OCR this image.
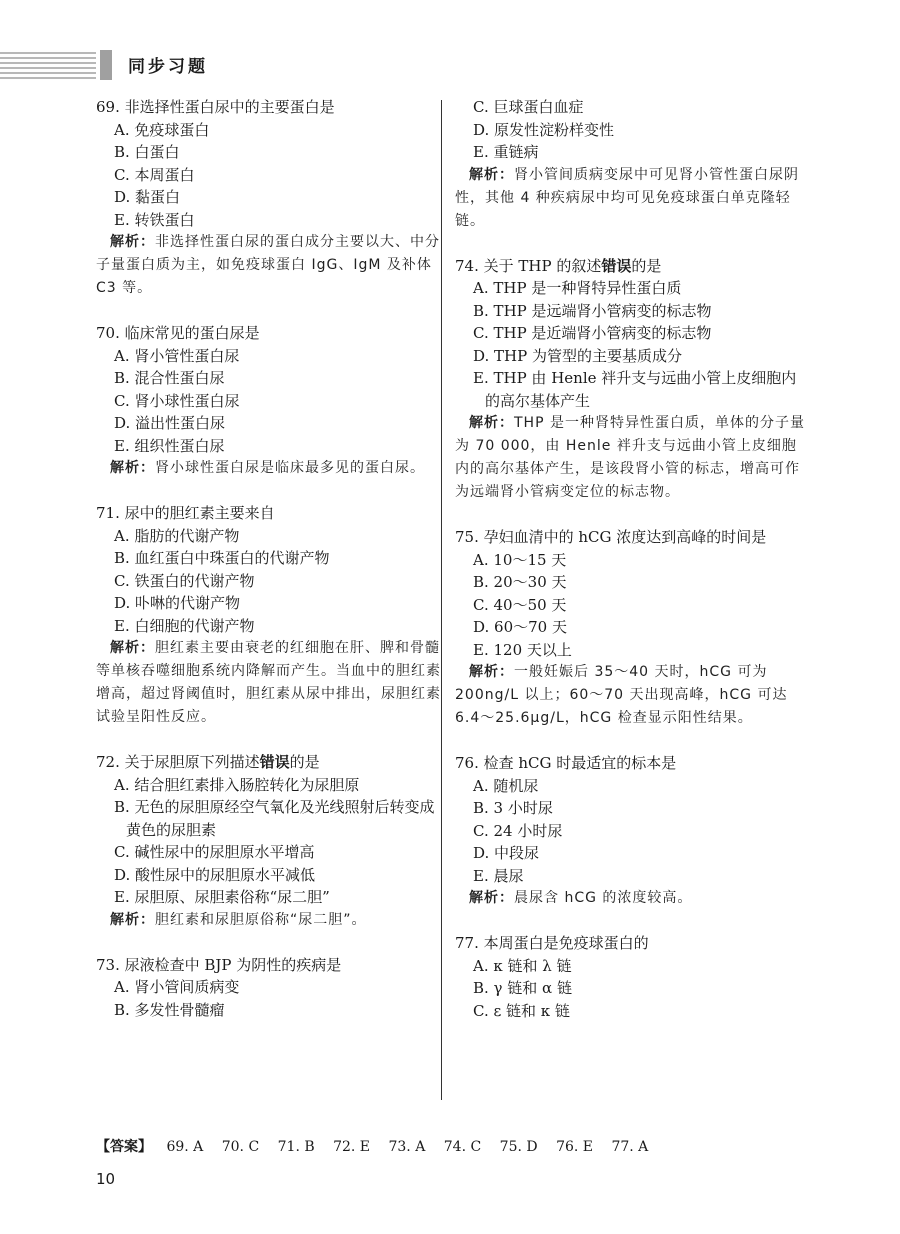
同步习题
69. 非选择性蛋白尿中的主要蛋白是
A. 免疫球蛋白
B. 白蛋白
C. 本周蛋白
D. 黏蛋白
E. 转铁蛋白
解析：非选择性蛋白尿的蛋白成分主要以大、中分子量蛋白质为主，如免疫球蛋白 IgG、IgM 及补体 C3 等。
70. 临床常见的蛋白尿是
A. 肾小管性蛋白尿
B. 混合性蛋白尿
C. 肾小球性蛋白尿
D. 溢出性蛋白尿
E. 组织性蛋白尿
解析：肾小球性蛋白尿是临床最多见的蛋白尿。
71. 尿中的胆红素主要来自
A. 脂肪的代谢产物
B. 血红蛋白中珠蛋白的代谢产物
C. 铁蛋白的代谢产物
D. 卟啉的代谢产物
E. 白细胞的代谢产物
解析：胆红素主要由衰老的红细胞在肝、脾和骨髓等单核吞噬细胞系统内降解而产生。当血中的胆红素增高，超过肾阈值时，胆红素从尿中排出，尿胆红素试验呈阳性反应。
72. 关于尿胆原下列描述错误的是
A. 结合胆红素排入肠腔转化为尿胆原
B. 无色的尿胆原经空气氧化及光线照射后转变成黄色的尿胆素
C. 碱性尿中的尿胆原水平增高
D. 酸性尿中的尿胆原水平减低
E. 尿胆原、尿胆素俗称“尿二胆”
解析：胆红素和尿胆原俗称“尿二胆”。
73. 尿液检查中 BJP 为阴性的疾病是
A. 肾小管间质病变
B. 多发性骨髓瘤
C. 巨球蛋白血症
D. 原发性淀粉样变性
E. 重链病
解析：肾小管间质病变尿中可见肾小管性蛋白尿阴性，其他 4 种疾病尿中均可见免疫球蛋白单克隆轻链。
74. 关于 THP 的叙述错误的是
A. THP 是一种肾特异性蛋白质
B. THP 是远端肾小管病变的标志物
C. THP 是近端肾小管病变的标志物
D. THP 为管型的主要基质成分
E. THP 由 Henle 袢升支与远曲小管上皮细胞内的高尔基体产生
解析：THP 是一种肾特异性蛋白质，单体的分子量为 70 000，由 Henle 袢升支与远曲小管上皮细胞内的高尔基体产生，是该段肾小管的标志，增高可作为远端肾小管病变定位的标志物。
75. 孕妇血清中的 hCG 浓度达到高峰的时间是
A. 10～15 天
B. 20～30 天
C. 40～50 天
D. 60～70 天
E. 120 天以上
解析：一般妊娠后 35～40 天时，hCG 可为 200ng/L 以上；60～70 天出现高峰，hCG 可达 6.4～25.6μg/L，hCG 检查显示阳性结果。
76. 检查 hCG 时最适宜的标本是
A. 随机尿
B. 3 小时尿
C. 24 小时尿
D. 中段尿
E. 晨尿
解析：晨尿含 hCG 的浓度较高。
77. 本周蛋白是免疫球蛋白的
A. κ 链和 λ 链
B. γ 链和 α 链
C. ε 链和 κ 链
【答案】 69. A 70. C 71. B 72. E 73. A 74. C 75. D 76. E 77. A
10
